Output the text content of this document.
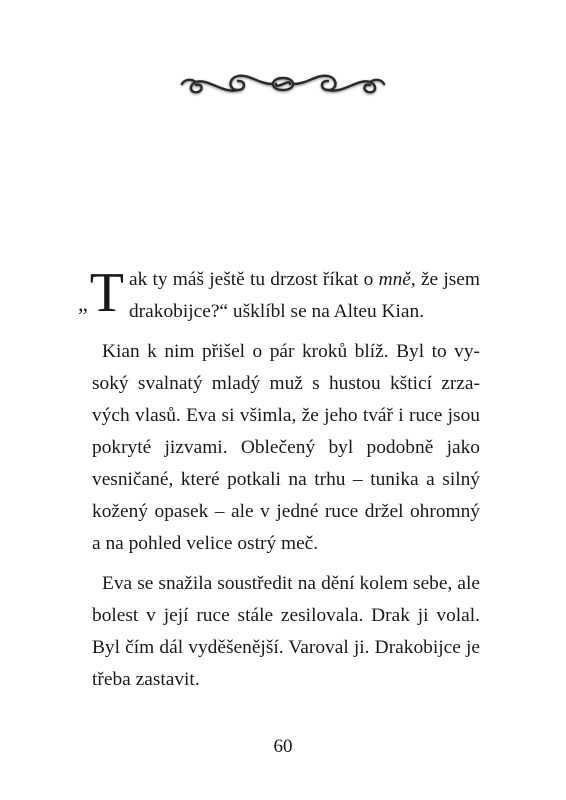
„T ak ty máš ještě tu drzost říkat o mně, že jsem drakobijce?“ ušklíbl se na Alteu Kian.

Kian k nim přišel o pár kroků blíž. Byl to vysoký svalnatý mladý muž s hustou kšticí zrzavých vlasů. Eva si všimla, že jeho tvář i ruce jsou pokryté jizvami. Oblečený byl podobně jako vesničané, které potkali na trhu – tunika a silný kožený opasek – ale v jedné ruce držel ohromný a na pohled velice ostrý meč.

Eva se snažila soustředit na dění kolem sebe, ale bolest v její ruce stále zesilovala. Drak ji volal. Byl čím dál vyděšenější. Varoval ji. Drakobijce je třeba zastavit.

60
